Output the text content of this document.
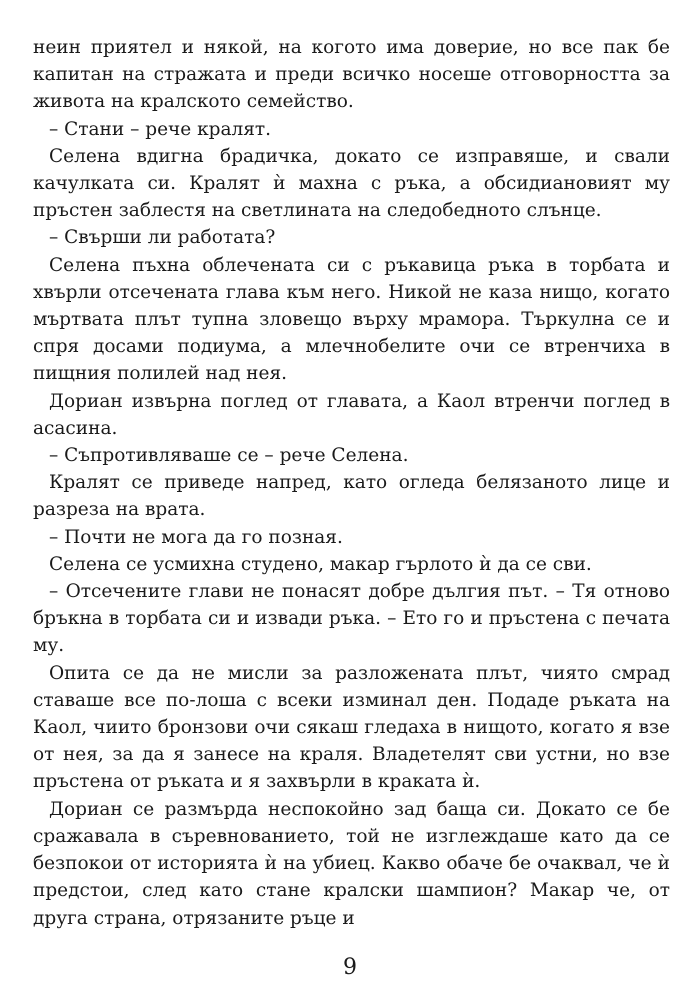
неин приятел и някой, на когото има доверие, но все пак бе капитан на стражата и преди всичко носеше отговорността за живота на кралското семейство.

– Стани – рече кралят.

Селена вдигна брадичка, докато се изправяше, и свали качулката си. Кралят ѝ махна с ръка, а обсидиановият му пръстен заблестя на светлината на следобедното слънце.

– Свърши ли работата?

Селена пъхна облечената си с ръкавица ръка в торбата и хвърли отсечената глава към него. Никой не каза нищо, когато мъртвата плът тупна зловещо върху мрамора. Търкулна се и спря досами подиума, а млечнобелите очи се втренчиха в пищния полилей над нея.

Дориан извърна поглед от главата, а Каол втренчи поглед в асасина.

– Съпротивляваше се – рече Селена.

Кралят се приведе напред, като огледа белязаното лице и разреза на врата.

– Почти не мога да го позная.

Селена се усмихна студено, макар гърлото ѝ да се сви.

– Отсечените глави не понасят добре дългия път. – Тя отново бръкна в торбата си и извади ръка. – Ето го и пръстена с печата му.

Опита се да не мисли за разложената плът, чиято смрад ставаше все по-лоша с всеки изминал ден. Подаде ръката на Каол, чиито бронзови очи сякаш гледаха в нищото, когато я взе от нея, за да я занесе на краля. Владетелят сви устни, но взе пръстена от ръката и я захвърли в краката ѝ.

Дориан се размърда неспокойно зад баща си. Докато се бе сражавала в съревнованието, той не изглеждаше като да се безпокои от историята ѝ на убиец. Какво обаче бе очаквал, че ѝ предстои, след като стане кралски шампион? Макар че, от друга страна, отрязаните ръце и

9
